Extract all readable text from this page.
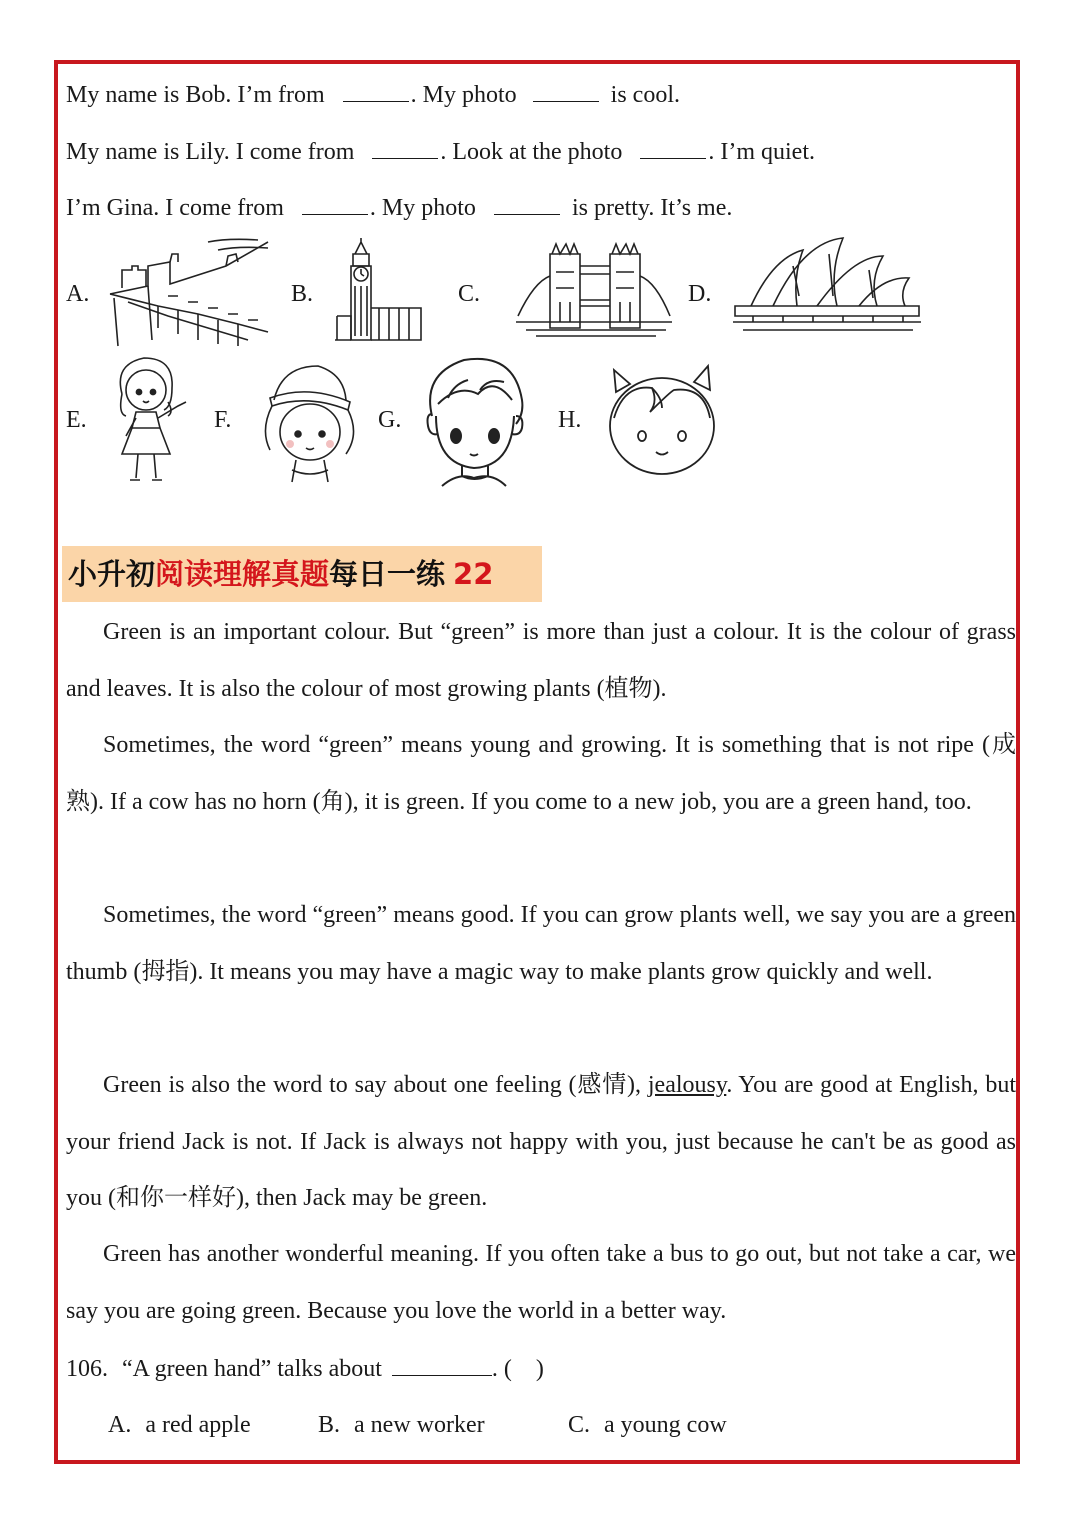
My name is Bob. I’m from	. My photo	is cool.
My name is Lily. I come from	. Look at the photo	. I’m quiet.
I’m Gina. I come from	. My photo	is pretty. It’s me.
A.	B.	C.	D.
E.	F.	G.	H.
小升初阅读理解真题每日一练 22
Green is an important colour. But “green” is more than just a colour. It is the colour of grass and leaves. It is also the colour of most growing plants (植物).
Sometimes, the word “green” means young and growing. It is something that is not ripe (成熟). If a cow has no horn (角), it is green. If you come to a new job, you are a green hand, too.
Sometimes, the word “green” means good. If you can grow plants well, we say you are a green thumb (拇指). It means you may have a magic way to make plants grow quickly and well.
Green is also the word to say about one feeling (感情), jealousy. You are good at English, but your friend Jack is not. If Jack is always not happy with you, just because he can't be as good as you (和你一样好), then Jack may be green.
Green has another wonderful meaning. If you often take a bus to go out, but not take a car, we say you are going green. Because you love the world in a better way.
106. “A green hand” talks about	. ( )
A. a red apple	B. a new worker	C. a young cow
